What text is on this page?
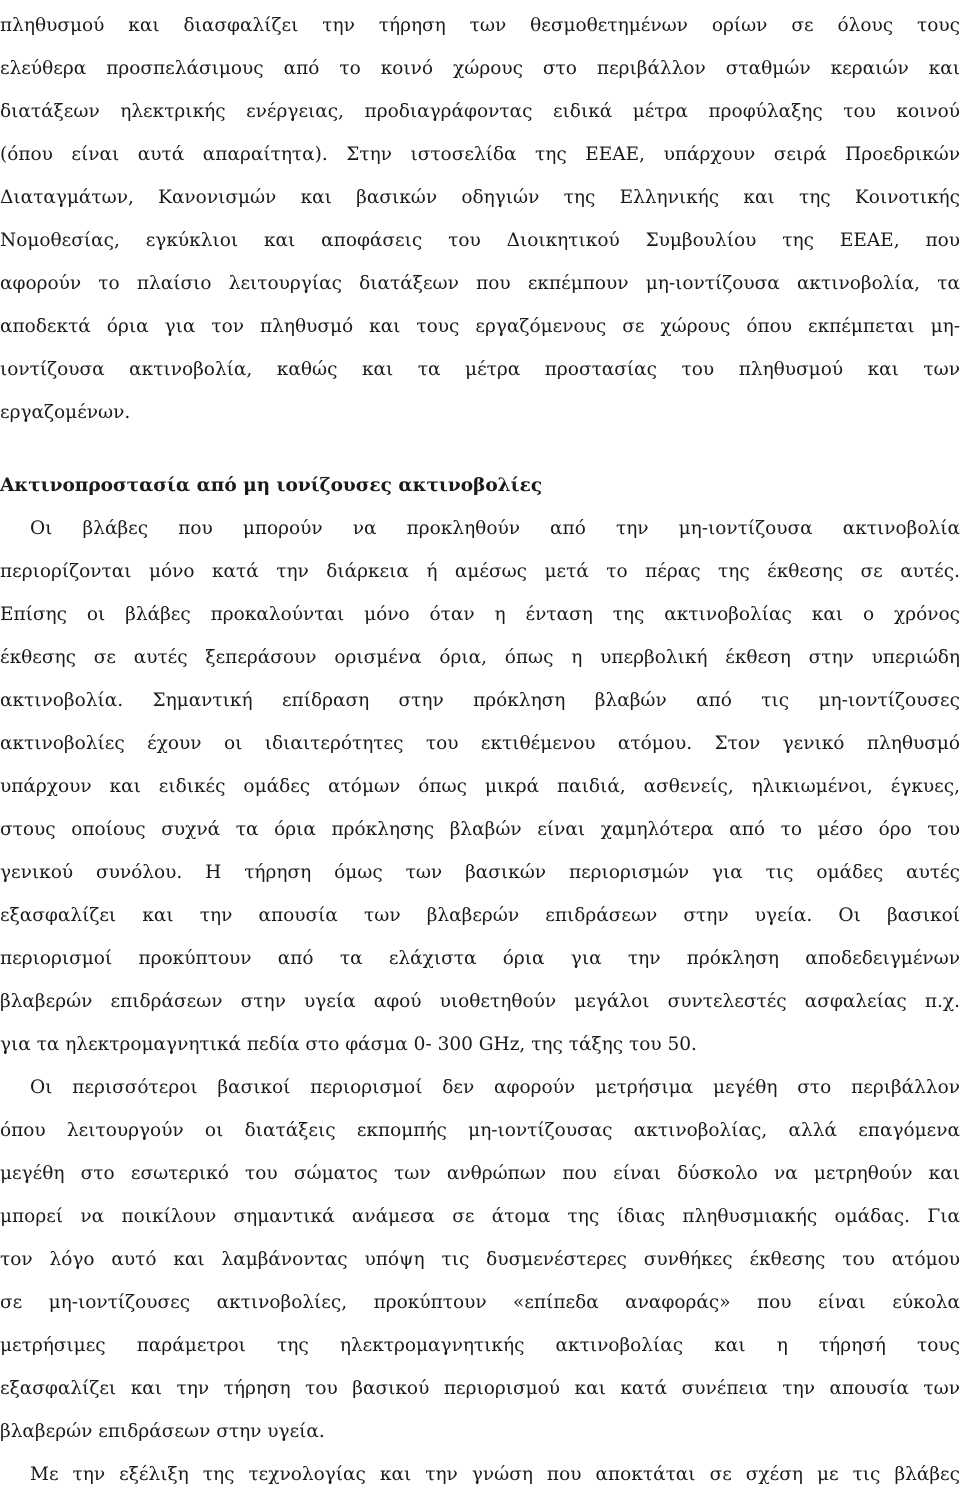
πληθυσμού και διασφαλίζει την τήρηση των θεσμοθετημένων ορίων σε όλους τους
ελεύθερα προσπελάσιμους από το κοινό χώρους στο περιβάλλον σταθμών κεραιών και
διατάξεων ηλεκτρικής ενέργειας, προδιαγράφοντας ειδικά μέτρα προφύλαξης του κοινού
(όπου είναι αυτά απαραίτητα). Στην ιστοσελίδα της ΕΕΑΕ, υπάρχουν σειρά Προεδρικών
Διαταγμάτων, Κανονισμών και βασικών οδηγιών της Ελληνικής και της Κοινοτικής
Νομοθεσίας, εγκύκλιοι και αποφάσεις του Διοικητικού Συμβουλίου της ΕΕΑΕ, που
αφορούν το πλαίσιο λειτουργίας διατάξεων που εκπέμπουν μη-ιοντίζουσα ακτινοβολία, τα
αποδεκτά όρια για τον πληθυσμό και τους εργαζόμενους σε χώρους όπου εκπέμπεται μη-
ιοντίζουσα ακτινοβολία, καθώς και τα μέτρα προστασίας του πληθυσμού και των
εργαζομένων.
Ακτινοπροστασία από μη ιονίζουσες ακτινοβολίες
Οι βλάβες που μπορούν να προκληθούν από την μη-ιοντίζουσα ακτινοβολία
περιορίζονται μόνο κατά την διάρκεια ή αμέσως μετά το πέρας της έκθεσης σε αυτές.
Επίσης οι βλάβες προκαλούνται μόνο όταν η ένταση της ακτινοβολίας και ο χρόνος
έκθεσης σε αυτές ξεπεράσουν ορισμένα όρια, όπως η υπερβολική έκθεση στην υπεριώδη
ακτινοβολία. Σημαντική επίδραση στην πρόκληση βλαβών από τις μη-ιοντίζουσες
ακτινοβολίες έχουν οι ιδιαιτερότητες του εκτιθέμενου ατόμου. Στον γενικό πληθυσμό
υπάρχουν και ειδικές ομάδες ατόμων όπως μικρά παιδιά, ασθενείς, ηλικιωμένοι, έγκυες,
στους οποίους συχνά τα όρια πρόκλησης βλαβών είναι χαμηλότερα από το μέσο όρο του
γενικού συνόλου. Η τήρηση όμως των βασικών περιορισμών για τις ομάδες αυτές
εξασφαλίζει και την απουσία των βλαβερών επιδράσεων στην υγεία. Οι βασικοί
περιορισμοί προκύπτουν από τα ελάχιστα όρια για την πρόκληση αποδεδειγμένων
βλαβερών επιδράσεων στην υγεία αφού υιοθετηθούν μεγάλοι συντελεστές ασφαλείας π.χ.
για τα ηλεκτρομαγνητικά πεδία στο φάσμα 0- 300 GHz, της τάξης του 50.
Οι περισσότεροι βασικοί περιορισμοί δεν αφορούν μετρήσιμα μεγέθη στο περιβάλλον
όπου λειτουργούν οι διατάξεις εκπομπής μη-ιοντίζουσας ακτινοβολίας, αλλά επαγόμενα
μεγέθη στο εσωτερικό του σώματος των ανθρώπων που είναι δύσκολο να μετρηθούν και
μπορεί να ποικίλουν σημαντικά ανάμεσα σε άτομα της ίδιας πληθυσμιακής ομάδας. Για
τον λόγο αυτό και λαμβάνοντας υπόψη τις δυσμενέστερες συνθήκες έκθεσης του ατόμου
σε μη-ιοντίζουσες ακτινοβολίες, προκύπτουν «επίπεδα αναφοράς» που είναι εύκολα
μετρήσιμες παράμετροι της ηλεκτρομαγνητικής ακτινοβολίας και η τήρησή τους
εξασφαλίζει και την τήρηση του βασικού περιορισμού και κατά συνέπεια την απουσία των
βλαβερών επιδράσεων στην υγεία.
Με την εξέλιξη της τεχνολογίας και την γνώση που αποκτάται σε σχέση με τις βλάβες
